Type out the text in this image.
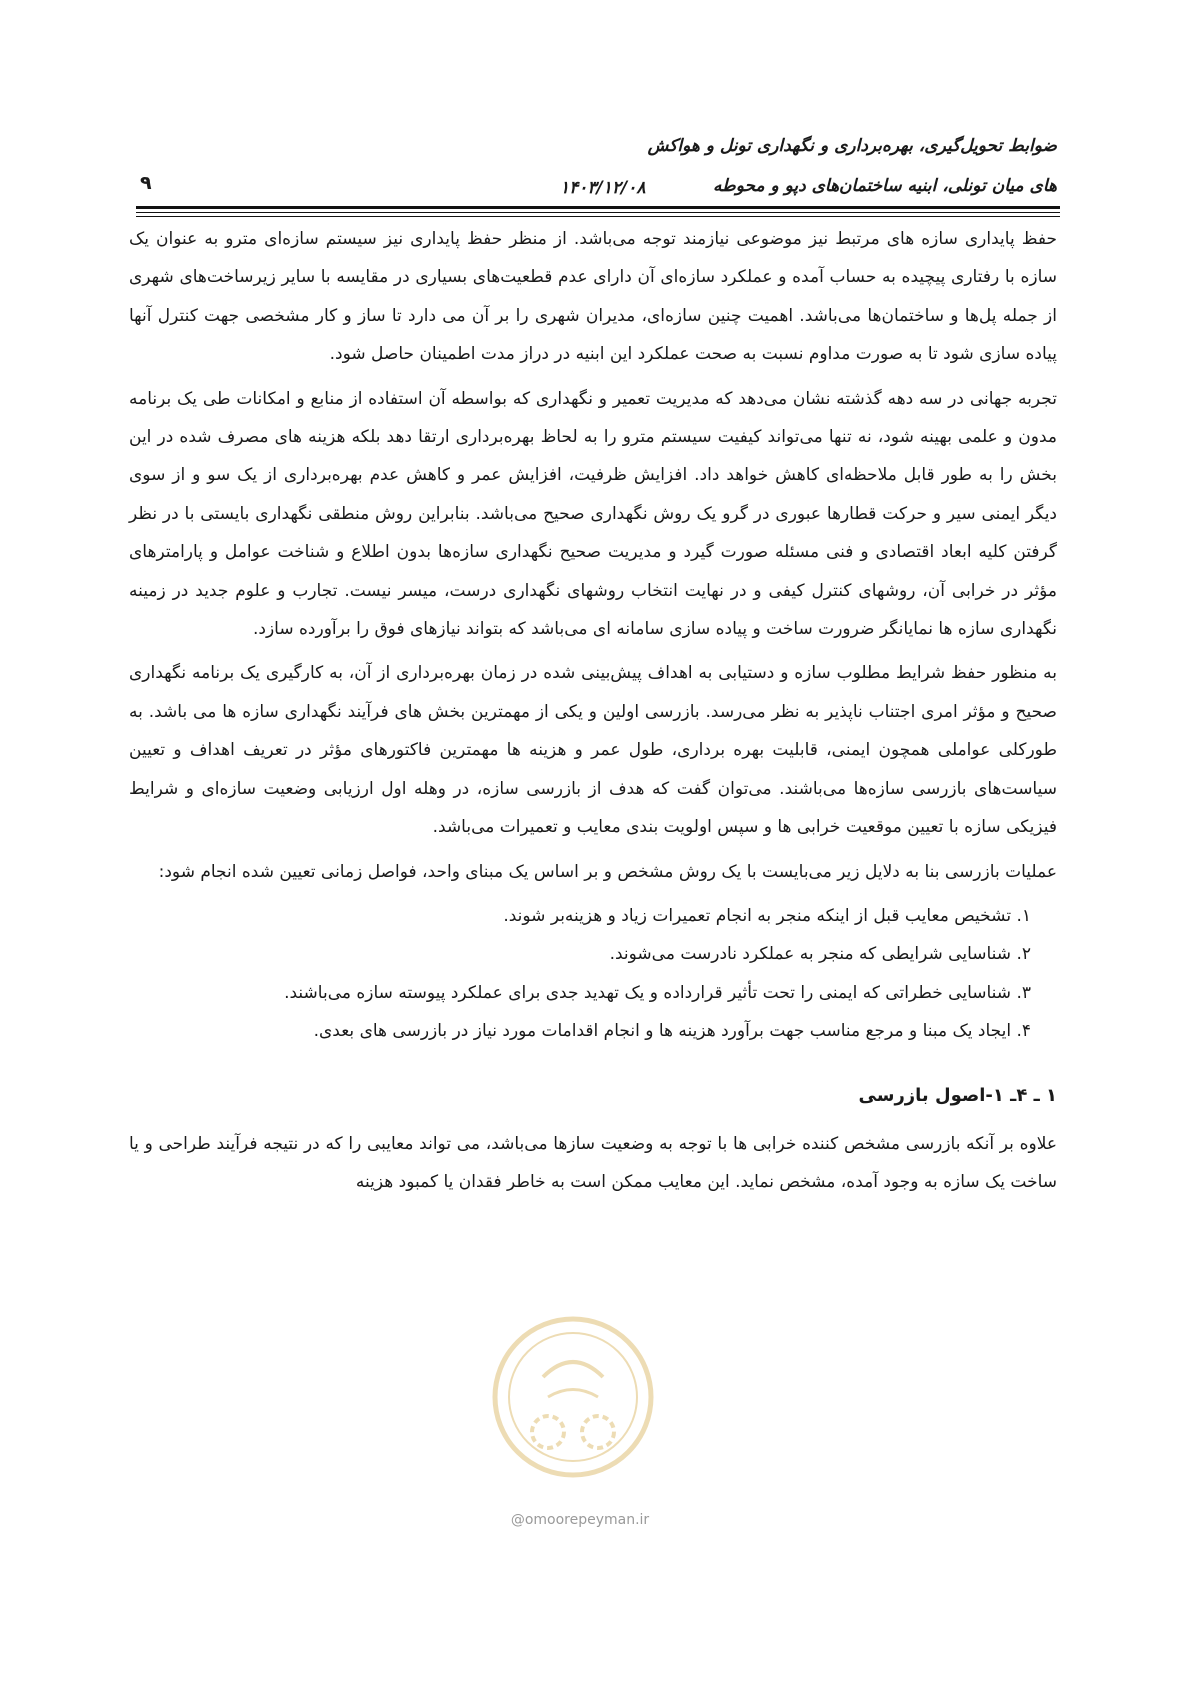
ضوابط تحویل‌گیری، بهره‌برداری و نگهداری تونل و هواکش
های میان تونلی، ابنیه ساختمان‌های دپو و محوطه
۱۴۰۳/۱۲/۰۸
۹

حفظ پایداری سازه های مرتبط نیز موضوعی نیازمند توجه می‌باشد. از منظر حفظ پایداری نیز سیستم سازه‌ای مترو به عنوان یک سازه با رفتاری پیچیده به حساب آمده و عملکرد سازه‌ای آن دارای عدم قطعیت‌های بسیاری در مقایسه با سایر زیرساخت‌های شهری از جمله پل‌ها و ساختمان‌ها می‌باشد. اهمیت چنین سازه‌ای، مدیران شهری را بر آن می دارد تا ساز و کار مشخصی جهت کنترل آنها پیاده سازی شود تا به صورت مداوم نسبت به صحت عملکرد این ابنیه در دراز مدت اطمینان حاصل شود.

تجربه جهانی در سه دهه گذشته نشان می‌دهد که مدیریت تعمیر و نگهداری که بواسطه آن استفاده از منابع و امکانات طی یک برنامه مدون و علمی بهینه شود، نه تنها می‌تواند کیفیت سیستم مترو را به لحاظ بهره‌برداری ارتقا دهد بلکه هزینه های مصرف شده در این بخش را به طور قابل ملاحظه‌ای کاهش خواهد داد. افزایش ظرفیت، افزایش عمر و کاهش عدم بهره‌برداری از یک سو و از سوی دیگر ایمنی سیر و حرکت قطارها عبوری در گرو یک روش نگهداری صحیح می‌باشد. بنابراین روش منطقی نگهداری بایستی با در نظر گرفتن کلیه ابعاد اقتصادی و فنی مسئله صورت گیرد و مدیریت صحیح نگهداری سازه‌ها بدون اطلاع و شناخت عوامل و پارامترهای مؤثر در خرابی آن، روشهای کنترل کیفی و در نهایت انتخاب روشهای نگهداری درست، میسر نیست. تجارب و علوم جدید در زمینه نگهداری سازه ها نمایانگر ضرورت ساخت و پیاده سازی سامانه ای می‌باشد که بتواند نیازهای فوق را برآورده سازد.

به منظور حفظ شرایط مطلوب سازه و دستیابی به اهداف پیش‌بینی شده در زمان بهره‌برداری از آن، به کارگیری یک برنامه نگهداری صحیح و مؤثر امری اجتناب ناپذیر به نظر می‌رسد. بازرسی اولین و یکی از مهمترین بخش های فرآیند نگهداری سازه ها می باشد. به طورکلی عواملی همچون ایمنی، قابلیت بهره برداری، طول عمر و هزینه ها مهمترین فاکتورهای مؤثر در تعریف اهداف و تعیین سیاست‌های بازرسی سازه‌ها می‌باشند. می‌توان گفت که هدف از بازرسی سازه، در وهله اول ارزیابی وضعیت سازه‌ای و شرایط فیزیکی سازه با تعیین موقعیت خرابی ها و سپس اولویت بندی معایب و تعمیرات می‌باشد.

عملیات بازرسی بنا به دلایل زیر می‌بایست با یک روش مشخص و بر اساس یک مبنای واحد، فواصل زمانی تعیین شده انجام شود:

۱. تشخیص معایب قبل از اینکه منجر به انجام تعمیرات زیاد و هزینه‌بر شوند.
۲. شناسایی شرایطی که منجر به عملکرد نادرست می‌شوند.
۳. شناسایی خطراتی که ایمنی را تحت تأثیر قرارداده و یک تهدید جدی برای عملکرد پیوسته سازه می‌باشند.
۴. ایجاد یک مبنا و مرجع مناسب جهت برآورد هزینه ها و انجام اقدامات مورد نیاز در بازرسی های بعدی.
۱ ـ ۴ـ ۱-اصول بازرسی

علاوه بر آنکه بازرسی مشخص کننده خرابی ها با توجه به وضعیت سازها می‌باشد، می تواند معایبی را که در نتیجه فرآیند طراحی و یا ساخت یک سازه به وجود آمده، مشخص نماید. این معایب ممکن است به خاطر فقدان یا کمبود هزینه

@omoorepeyman.ir
